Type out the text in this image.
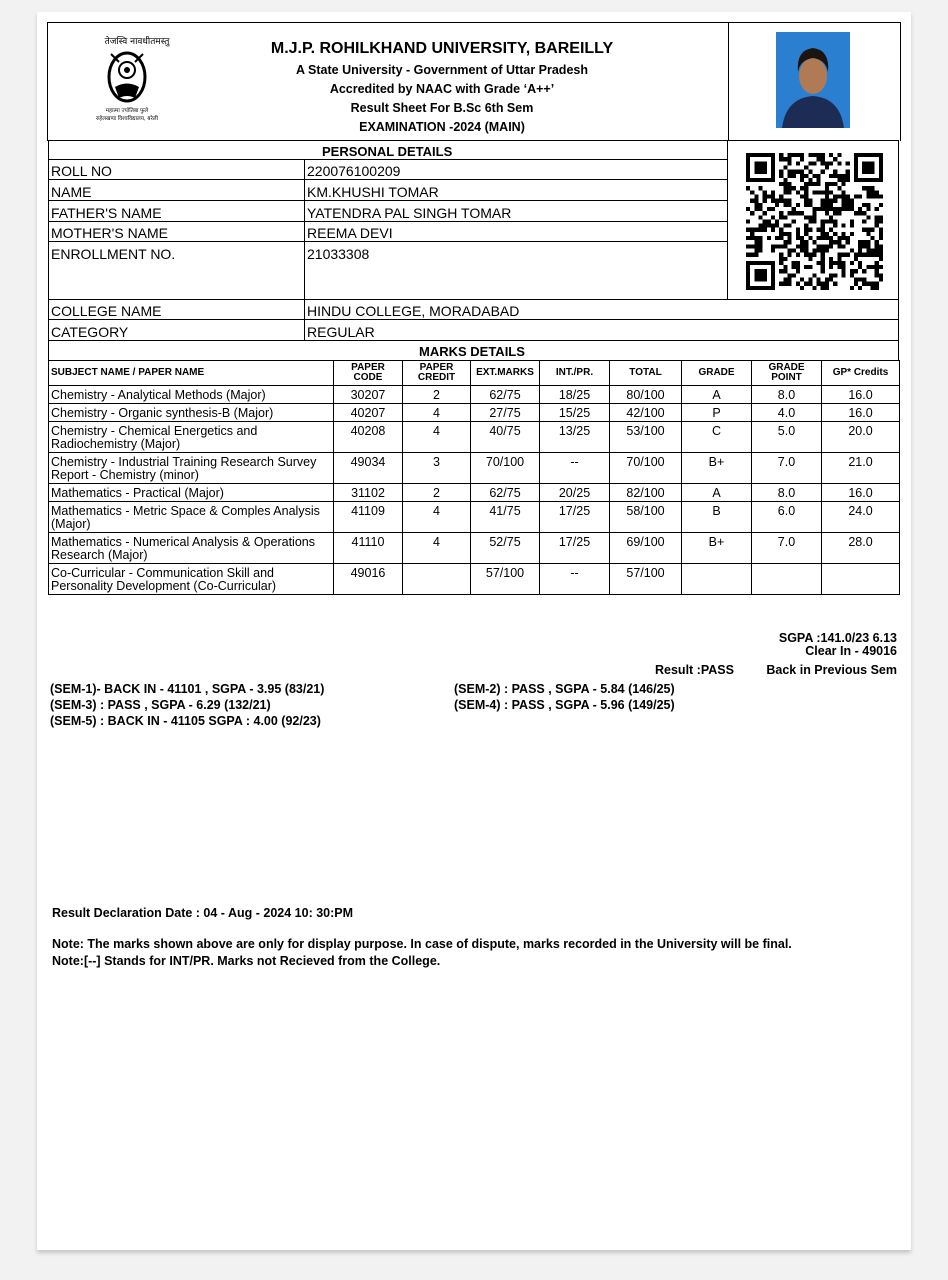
तेजस्वि नावधीतमस्तु
महात्मा ज्योतिबा फुले
रुहेलखण्ड विश्वविद्यालय, बरेली
M.J.P. ROHILKHAND UNIVERSITY, BAREILLY
A State University - Government of Uttar Pradesh
Accredited by NAAC with Grade ‘A++’
Result Sheet For B.Sc 6th Sem
EXAMINATION -2024 (MAIN)
PERSONAL DETAILS
ROLL NO	220076100209
NAME	KM.KHUSHI TOMAR
FATHER'S NAME	YATENDRA PAL SINGH TOMAR
MOTHER'S NAME	REEMA DEVI
ENROLLMENT NO.	21033308
COLLEGE NAME	HINDU COLLEGE, MORADABAD
CATEGORY	REGULAR
MARKS DETAILS
SUBJECT NAME / PAPER NAME	PAPER CODE	PAPER CREDIT	EXT.MARKS	INT./PR.	TOTAL	GRADE	GRADE POINT	GP* Credits
Chemistry - Analytical Methods (Major)	30207	2	62/75	18/25	80/100	A	8.0	16.0
Chemistry - Organic synthesis-B (Major)	40207	4	27/75	15/25	42/100	P	4.0	16.0
Chemistry - Chemical Energetics and Radiochemistry (Major)	40208	4	40/75	13/25	53/100	C	5.0	20.0
Chemistry - Industrial Training Research Survey Report - Chemistry (minor)	49034	3	70/100	--	70/100	B+	7.0	21.0
Mathematics - Practical (Major)	31102	2	62/75	20/25	82/100	A	8.0	16.0
Mathematics - Metric Space & Comples Analysis (Major)	41109	4	41/75	17/25	58/100	B	6.0	24.0
Mathematics - Numerical Analysis & Operations Research (Major)	41110	4	52/75	17/25	69/100	B+	7.0	28.0
Co-Curricular - Communication Skill and Personality Development (Co-Curricular)	49016		57/100	--	57/100			
SGPA :141.0/23 6.13
Clear In - 49016
Result :PASS	Back in Previous Sem
(SEM-1)- BACK IN - 41101 , SGPA - 3.95 (83/21)
(SEM-3) : PASS , SGPA - 6.29 (132/21)
(SEM-5) : BACK IN - 41105 SGPA : 4.00 (92/23)
(SEM-2) : PASS , SGPA - 5.84 (146/25)
(SEM-4) : PASS , SGPA - 5.96 (149/25)
Result Declaration Date : 04 - Aug - 2024 10: 30:PM
Note: The marks shown above are only for display purpose. In case of dispute, marks recorded in the University will be final.
Note:[--] Stands for INT/PR. Marks not Recieved from the College.
